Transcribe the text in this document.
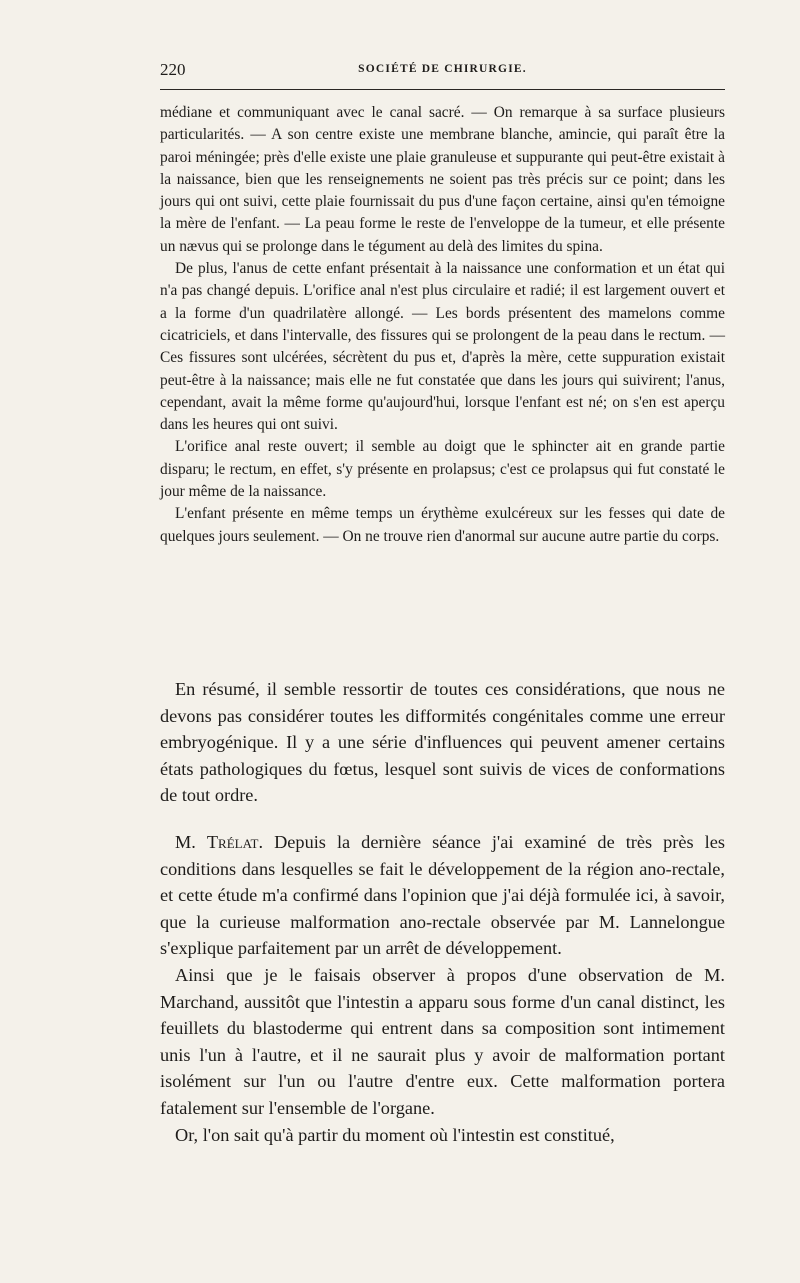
220	SOCIÉTÉ DE CHIRURGIE.

médiane et communiquant avec le canal sacré. — On remarque à sa surface plusieurs particularités. — A son centre existe une membrane blanche, amincie, qui paraît être la paroi méningée; près d'elle existe une plaie granuleuse et suppurante qui peut-être existait à la naissance, bien que les renseignements ne soient pas très précis sur ce point; dans les jours qui ont suivi, cette plaie fournissait du pus d'une façon certaine, ainsi qu'en témoigne la mère de l'enfant. — La peau forme le reste de l'enveloppe de la tumeur, et elle présente un nævus qui se prolonge dans le tégument au delà des limites du spina.

De plus, l'anus de cette enfant présentait à la naissance une conformation et un état qui n'a pas changé depuis. L'orifice anal n'est plus circulaire et radié; il est largement ouvert et a la forme d'un quadrilatère allongé. — Les bords présentent des mamelons comme cicatriciels, et dans l'intervalle, des fissures qui se prolongent de la peau dans le rectum. — Ces fissures sont ulcérées, sécrètent du pus et, d'après la mère, cette suppuration existait peut-être à la naissance; mais elle ne fut constatée que dans les jours qui suivirent; l'anus, cependant, avait la même forme qu'aujourd'hui, lorsque l'enfant est né; on s'en est aperçu dans les heures qui ont suivi.

L'orifice anal reste ouvert; il semble au doigt que le sphincter ait en grande partie disparu; le rectum, en effet, s'y présente en prolapsus; c'est ce prolapsus qui fut constaté le jour même de la naissance.

L'enfant présente en même temps un érythème exulcéreux sur les fesses qui date de quelques jours seulement. — On ne trouve rien d'anormal sur aucune autre partie du corps.

En résumé, il semble ressortir de toutes ces considérations, que nous ne devons pas considérer toutes les difformités congénitales comme une erreur embryogénique. Il y a une série d'influences qui peuvent amener certains états pathologiques du fœtus, lesquel sont suivis de vices de conformations de tout ordre.

M. Trélat. Depuis la dernière séance j'ai examiné de très près les conditions dans lesquelles se fait le développement de la région ano-rectale, et cette étude m'a confirmé dans l'opinion que j'ai déjà formulée ici, à savoir, que la curieuse malformation ano-rectale observée par M. Lannelongue s'explique parfaitement par un arrêt de développement.

Ainsi que je le faisais observer à propos d'une observation de M. Marchand, aussitôt que l'intestin a apparu sous forme d'un canal distinct, les feuillets du blastoderme qui entrent dans sa composition sont intimement unis l'un à l'autre, et il ne saurait plus y avoir de malformation portant isolément sur l'un ou l'autre d'entre eux. Cette malformation portera fatalement sur l'ensemble de l'organe.

Or, l'on sait qu'à partir du moment où l'intestin est constitué,
